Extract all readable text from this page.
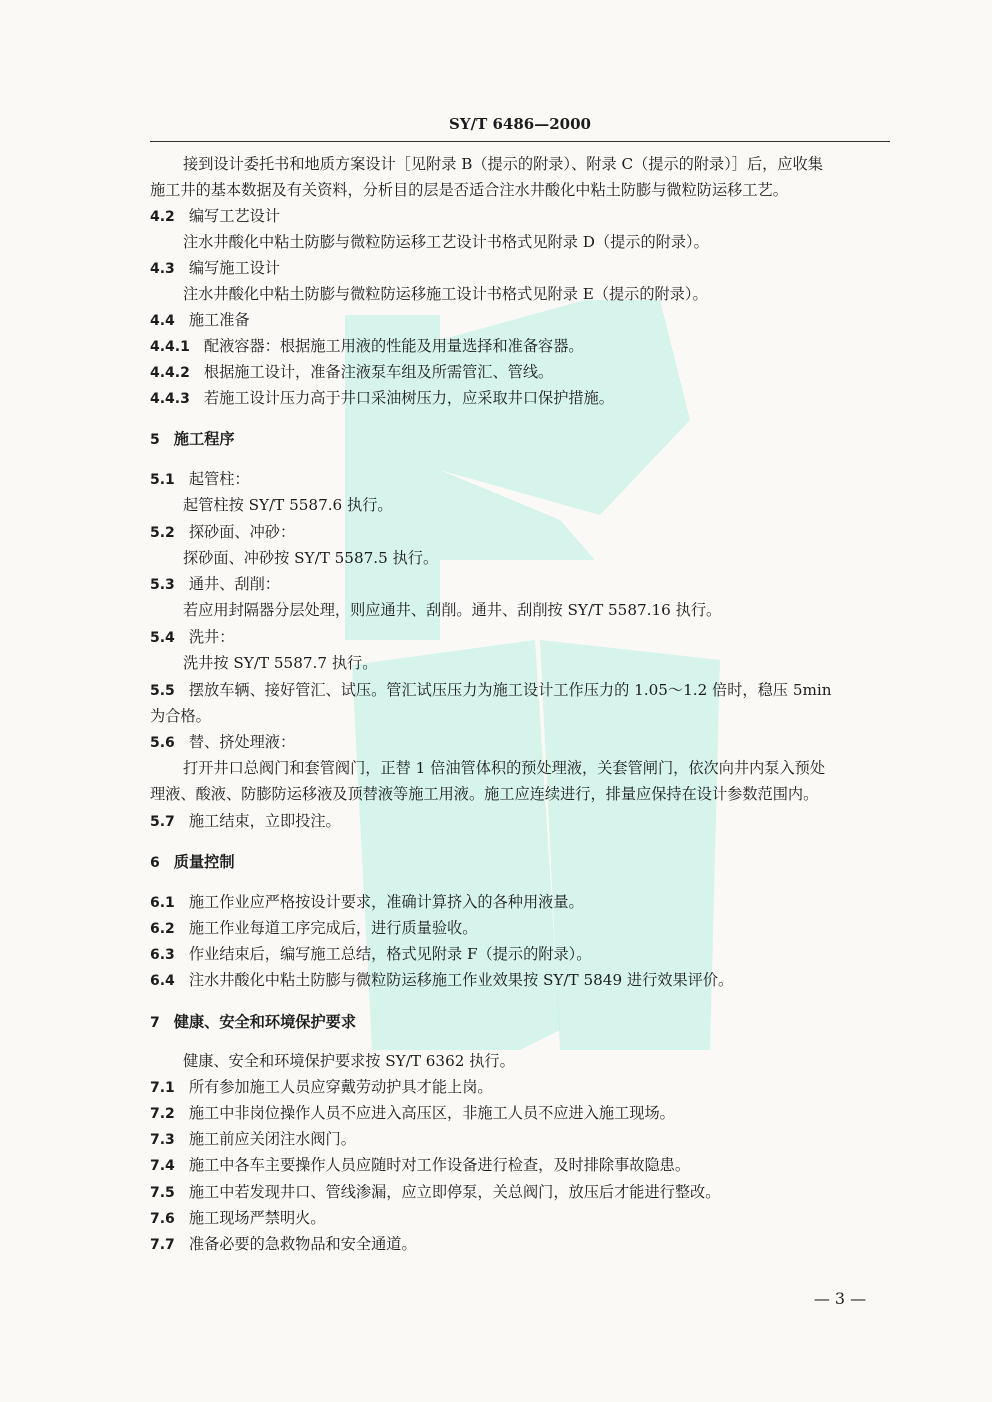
SY/T 6486—2000
接到设计委托书和地质方案设计［见附录 B（提示的附录）、附录 C（提示的附录）］后，应收集
施工井的基本数据及有关资料，分析目的层是否适合注水井酸化中粘土防膨与微粒防运移工艺。
4.2 编写工艺设计
注水井酸化中粘土防膨与微粒防运移工艺设计书格式见附录 D（提示的附录）。
4.3 编写施工设计
注水井酸化中粘土防膨与微粒防运移施工设计书格式见附录 E（提示的附录）。
4.4 施工准备
4.4.1 配液容器：根据施工用液的性能及用量选择和准备容器。
4.4.2 根据施工设计，准备注液泵车组及所需管汇、管线。
4.4.3 若施工设计压力高于井口采油树压力，应采取井口保护措施。
5 施工程序
5.1 起管柱：
起管柱按 SY/T 5587.6 执行。
5.2 探砂面、冲砂：
探砂面、冲砂按 SY/T 5587.5 执行。
5.3 通井、刮削：
若应用封隔器分层处理，则应通井、刮削。通井、刮削按 SY/T 5587.16 执行。
5.4 洗井：
洗井按 SY/T 5587.7 执行。
5.5 摆放车辆、接好管汇、试压。管汇试压压力为施工设计工作压力的 1.05～1.2 倍时，稳压 5min
为合格。
5.6 替、挤处理液：
打开井口总阀门和套管阀门，正替 1 倍油管体积的预处理液，关套管闸门，依次向井内泵入预处
理液、酸液、防膨防运移液及顶替液等施工用液。施工应连续进行，排量应保持在设计参数范围内。
5.7 施工结束，立即投注。
6 质量控制
6.1 施工作业应严格按设计要求，准确计算挤入的各种用液量。
6.2 施工作业每道工序完成后，进行质量验收。
6.3 作业结束后，编写施工总结，格式见附录 F（提示的附录）。
6.4 注水井酸化中粘土防膨与微粒防运移施工作业效果按 SY/T 5849 进行效果评价。
7 健康、安全和环境保护要求
健康、安全和环境保护要求按 SY/T 6362 执行。
7.1 所有参加施工人员应穿戴劳动护具才能上岗。
7.2 施工中非岗位操作人员不应进入高压区，非施工人员不应进入施工现场。
7.3 施工前应关闭注水阀门。
7.4 施工中各车主要操作人员应随时对工作设备进行检查，及时排除事故隐患。
7.5 施工中若发现井口、管线渗漏，应立即停泵，关总阀门，放压后才能进行整改。
7.6 施工现场严禁明火。
7.7 准备必要的急救物品和安全通道。
— 3 —
